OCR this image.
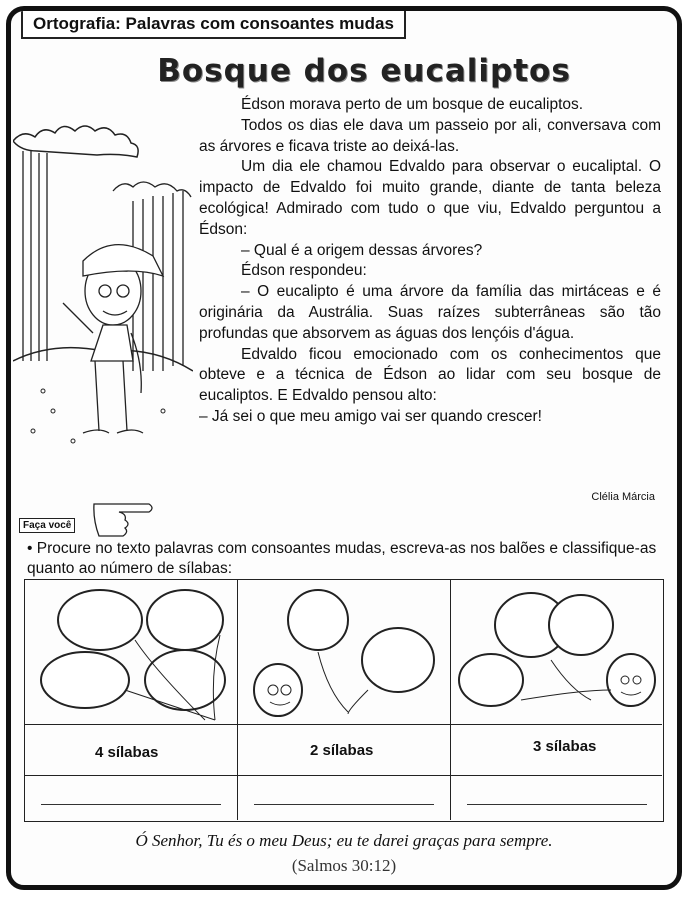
Ortografia: Palavras com consoantes mudas
Bosque dos eucaliptos

Édson morava perto de um bosque de eucaliptos.

Todos os dias ele dava um passeio por ali, conversava com as árvores e ficava triste ao deixá-las.

Um dia ele chamou Edvaldo para observar o eucaliptal. O impacto de Edvaldo foi muito grande, diante de tanta beleza ecológica! Admirado com tudo o que viu, Edvaldo perguntou a Édson:

– Qual é a origem dessas árvores?

Édson respondeu:

– O eucalipto é uma árvore da família das mirtáceas e é originária da Austrália. Suas raízes subterrâneas são tão profundas que absorvem as águas dos lençóis d'água.

Edvaldo ficou emocionado com os conhecimentos que obteve e a técnica de Édson ao lidar com seu bosque de eucaliptos. E Edvaldo pensou alto:

– Já sei o que meu amigo vai ser quando crescer!

Clélia Márcia
Faça você
• Procure no texto palavras com consoantes mudas, escreva-as nos balões e classifique-as quanto ao número de sílabas:
4 sílabas	2 sílabas	3 sílabas
Ó Senhor, Tu és o meu Deus; eu te darei graças para sempre.
(Salmos 30:12)
